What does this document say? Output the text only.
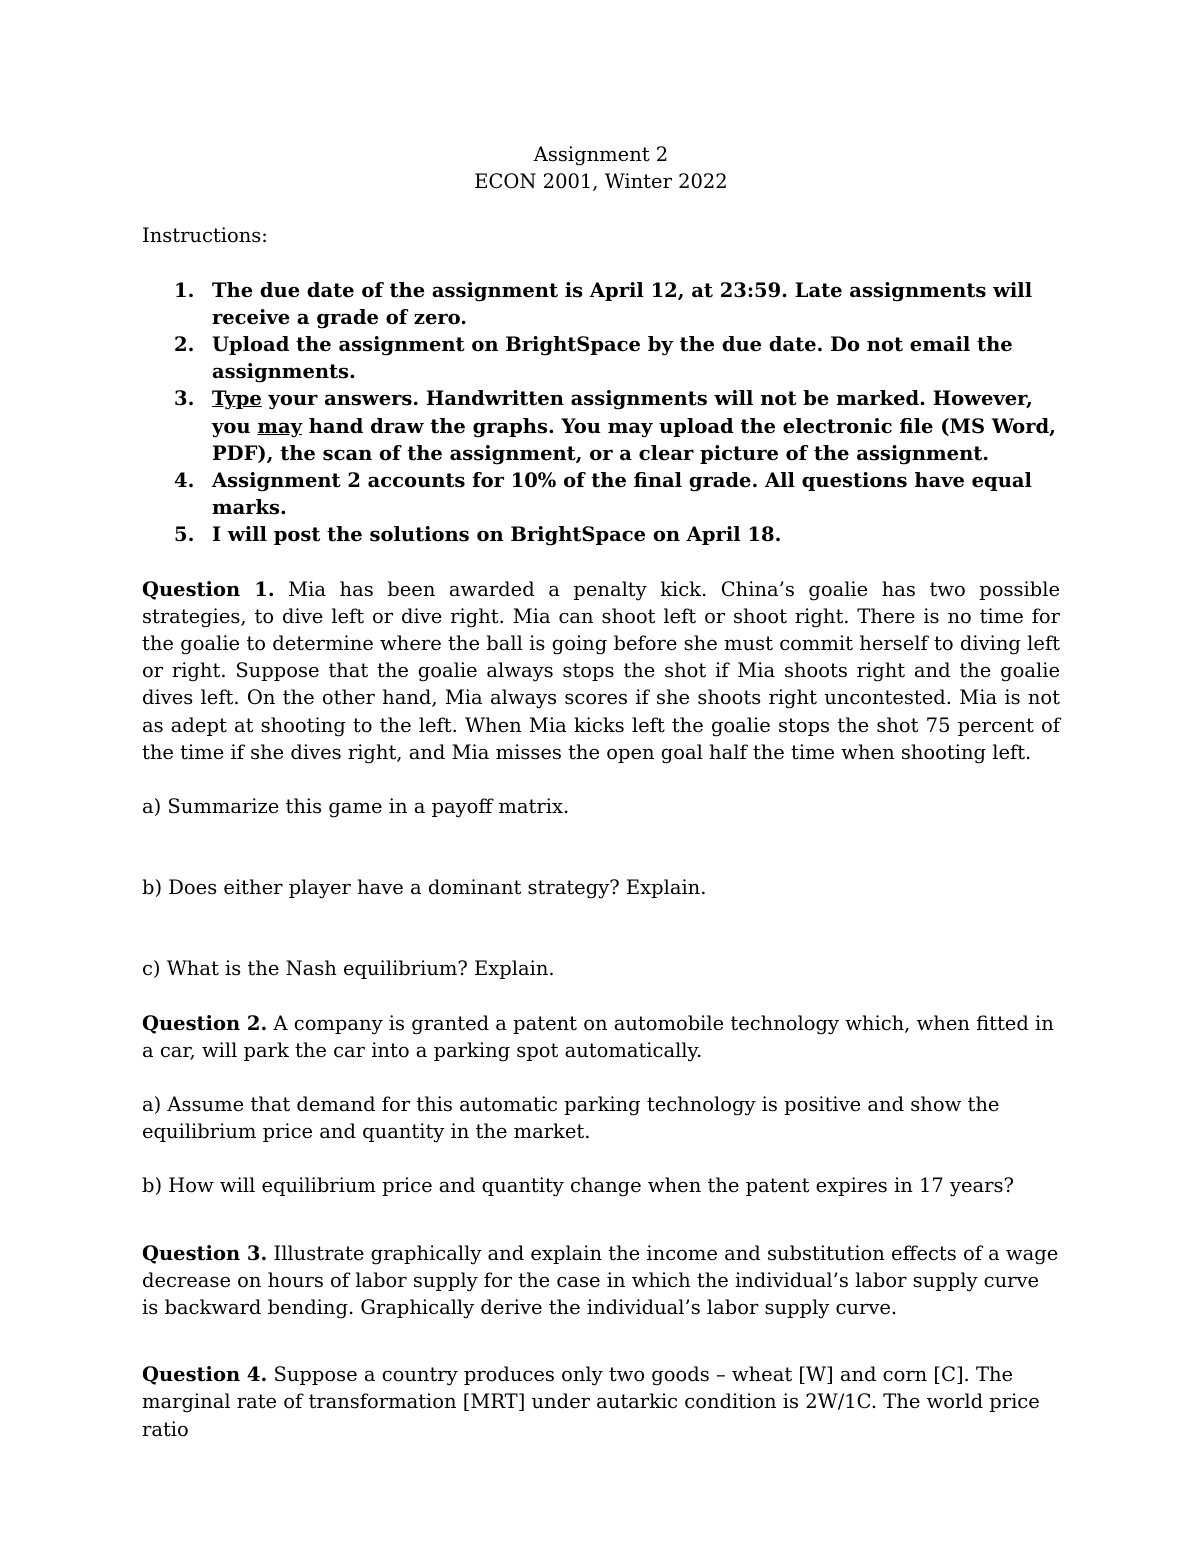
Assignment 2
ECON 2001, Winter 2022
Instructions:
1. The due date of the assignment is April 12, at 23:59. Late assignments will receive a grade of zero.
2. Upload the assignment on BrightSpace by the due date. Do not email the assignments.
3. Type your answers. Handwritten assignments will not be marked. However, you may hand draw the graphs. You may upload the electronic file (MS Word, PDF), the scan of the assignment, or a clear picture of the assignment.
4. Assignment 2 accounts for 10% of the final grade. All questions have equal marks.
5. I will post the solutions on BrightSpace on April 18.

Question 1. Mia has been awarded a penalty kick. China’s goalie has two possible strategies, to dive left or dive right. Mia can shoot left or shoot right. There is no time for the goalie to determine where the ball is going before she must commit herself to diving left or right. Suppose that the goalie always stops the shot if Mia shoots right and the goalie dives left. On the other hand, Mia always scores if she shoots right uncontested. Mia is not as adept at shooting to the left. When Mia kicks left the goalie stops the shot 75 percent of the time if she dives right, and Mia misses the open goal half the time when shooting left.

a) Summarize this game in a payoff matrix.

b) Does either player have a dominant strategy? Explain.

c) What is the Nash equilibrium? Explain.

Question 2. A company is granted a patent on automobile technology which, when fitted in a car, will park the car into a parking spot automatically.

a) Assume that demand for this automatic parking technology is positive and show the equilibrium price and quantity in the market.

b) How will equilibrium price and quantity change when the patent expires in 17 years?

Question 3. Illustrate graphically and explain the income and substitution effects of a wage decrease on hours of labor supply for the case in which the individual’s labor supply curve is backward bending. Graphically derive the individual’s labor supply curve.

Question 4. Suppose a country produces only two goods – wheat [W] and corn [C]. The marginal rate of transformation [MRT] under autarkic condition is 2W/1C. The world price ratio
